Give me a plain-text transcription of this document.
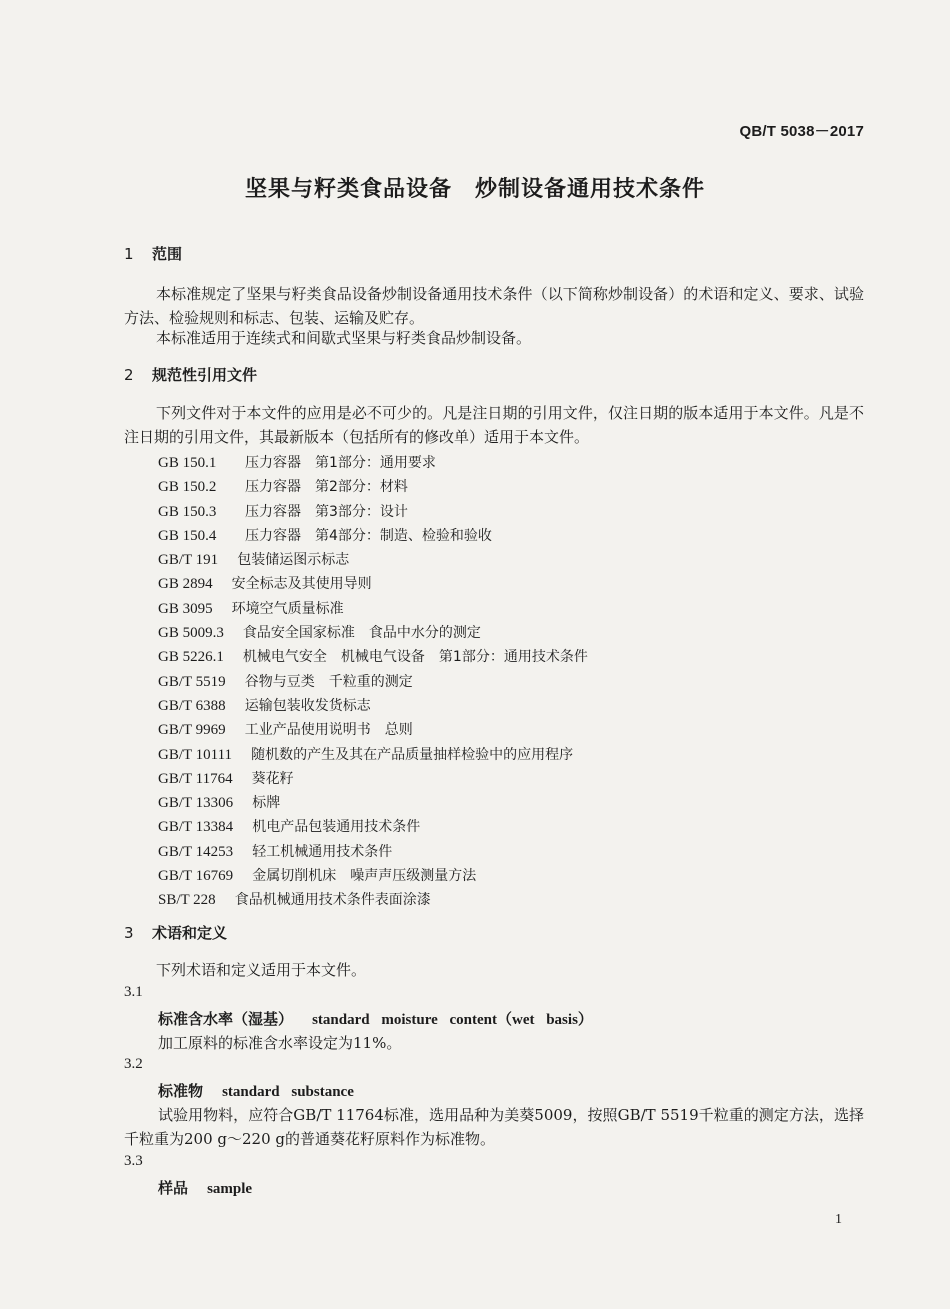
QB/T 5038－2017
坚果与籽类食品设备　炒制设备通用技术条件
1 范围
本标准规定了坚果与籽类食品设备炒制设备通用技术条件（以下简称炒制设备）的术语和定义、要求、试验方法、检验规则和标志、包装、运输及贮存。
本标准适用于连续式和间歇式坚果与籽类食品炒制设备。
2 规范性引用文件
下列文件对于本文件的应用是必不可少的。凡是注日期的引用文件，仅注日期的版本适用于本文件。凡是不注日期的引用文件，其最新版本（包括所有的修改单）适用于本文件。
GB 150.1 压力容器　第1部分：通用要求
GB 150.2 压力容器　第2部分：材料
GB 150.3 压力容器　第3部分：设计
GB 150.4 压力容器　第4部分：制造、检验和验收
GB/T 191 包装储运图示标志
GB 2894 安全标志及其使用导则
GB 3095 环境空气质量标准
GB 5009.3 食品安全国家标准　食品中水分的测定
GB 5226.1 机械电气安全　机械电气设备　第1部分：通用技术条件
GB/T 5519 谷物与豆类　千粒重的测定
GB/T 6388 运输包装收发货标志
GB/T 9969 工业产品使用说明书　总则
GB/T 10111 随机数的产生及其在产品质量抽样检验中的应用程序
GB/T 11764 葵花籽
GB/T 13306 标牌
GB/T 13384 机电产品包装通用技术条件
GB/T 14253 轻工机械通用技术条件
GB/T 16769 金属切削机床　噪声声压级测量方法
SB/T 228 食品机械通用技术条件表面涂漆
3 术语和定义
下列术语和定义适用于本文件。
3.1
标准含水率（湿基） standard moisture content（wet basis）
加工原料的标准含水率设定为11%。
3.2
标准物 standard substance
试验用物料，应符合GB/T 11764标准，选用品种为美葵5009，按照GB/T 5519千粒重的测定方法，选择千粒重为200 g～220 g的普通葵花籽原料作为标准物。
3.3
样品 sample
1
